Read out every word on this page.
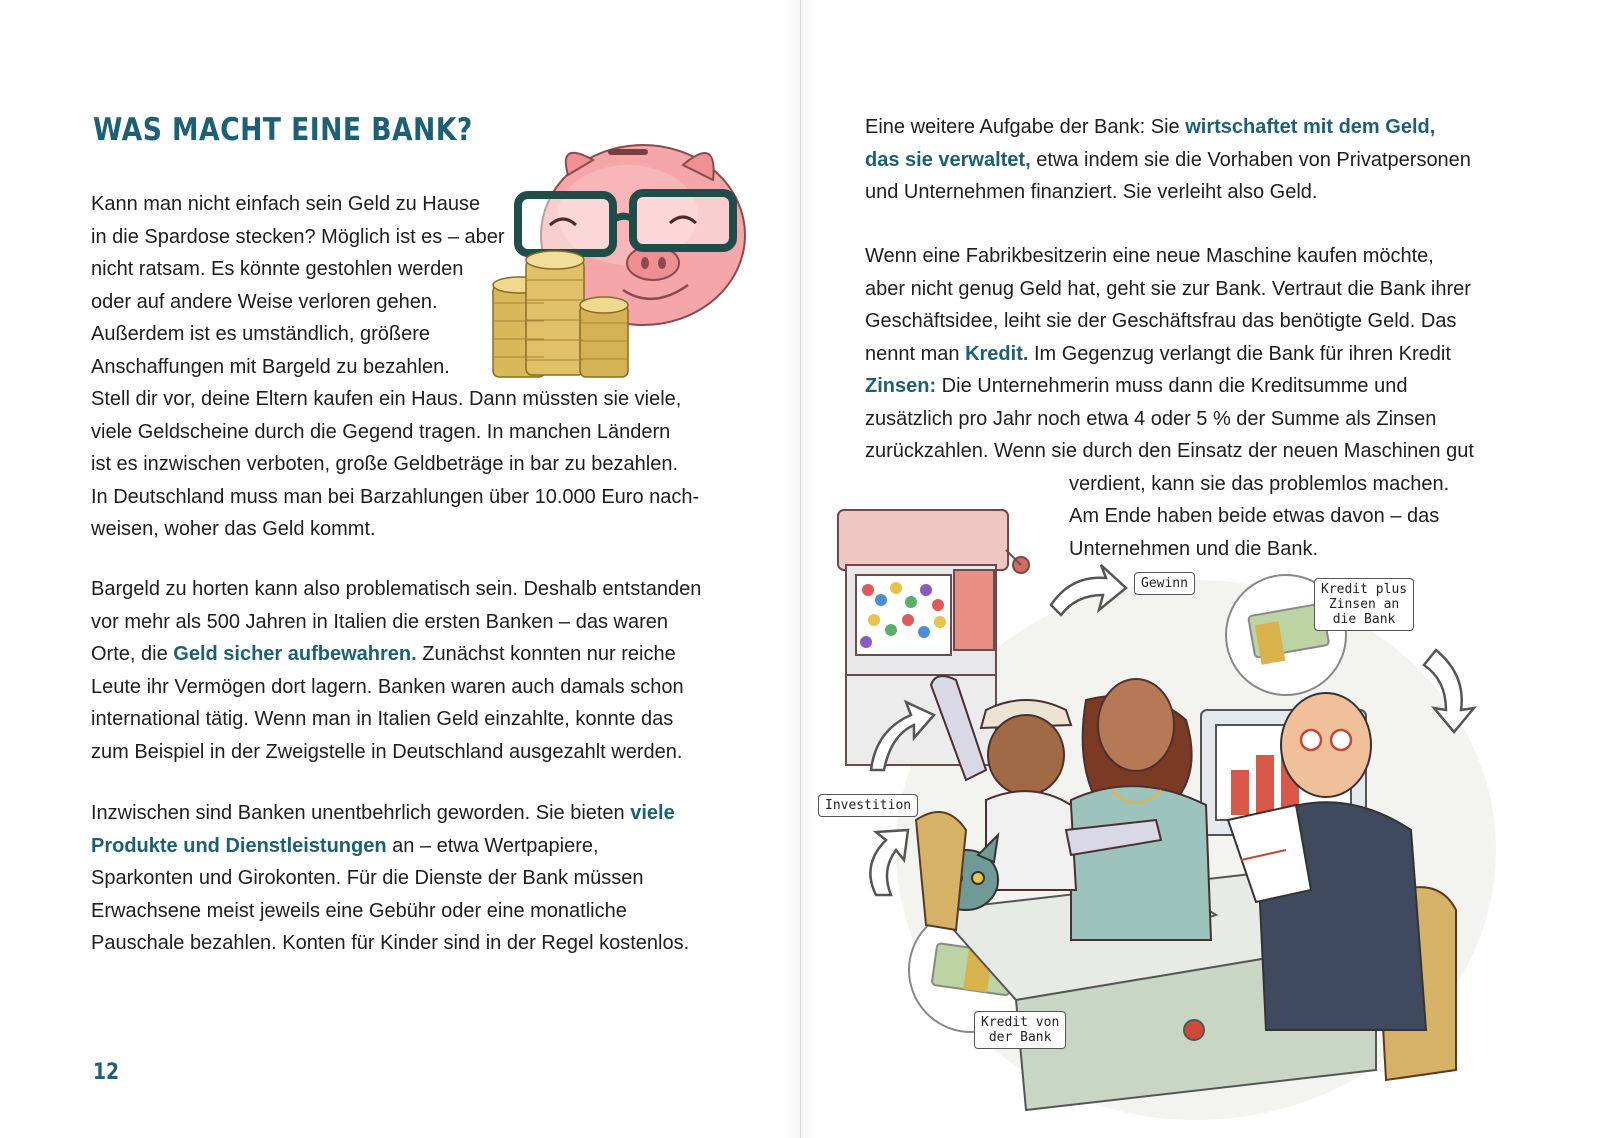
WAS MACHT EINE BANK?

Kann man nicht einfach sein Geld zu Hause
in die Spardose stecken? Möglich ist es – aber
nicht ratsam. Es könnte gestohlen werden
oder auf andere Weise verloren gehen.
Außerdem ist es umständlich, größere
Anschaffungen mit Bargeld zu bezahlen.
Stell dir vor, deine Eltern kaufen ein Haus. Dann müssten sie viele,
viele Geldscheine durch die Gegend tragen. In manchen Ländern
ist es inzwischen verboten, große Geldbeträge in bar zu bezahlen.
In Deutschland muss man bei Barzahlungen über 10.000 Euro nach-
weisen, woher das Geld kommt.

Bargeld zu horten kann also problematisch sein. Deshalb entstanden
vor mehr als 500 Jahren in Italien die ersten Banken – das waren
Orte, die Geld sicher aufbewahren. Zunächst konnten nur reiche
Leute ihr Vermögen dort lagern. Banken waren auch damals schon
international tätig. Wenn man in Italien Geld einzahlte, konnte das
zum Beispiel in der Zweigstelle in Deutschland ausgezahlt werden.

Inzwischen sind Banken unentbehrlich geworden. Sie bieten viele
Produkte und Dienstleistungen an – etwa Wertpapiere,
Sparkonten und Girokonten. Für die Dienste der Bank müssen
Erwachsene meist jeweils eine Gebühr oder eine monatliche
Pauschale bezahlen. Konten für Kinder sind in der Regel kostenlos.

12

Eine weitere Aufgabe der Bank: Sie wirtschaftet mit dem Geld,
das sie verwaltet, etwa indem sie die Vorhaben von Privatpersonen
und Unternehmen finanziert. Sie verleiht also Geld.

Wenn eine Fabrikbesitzerin eine neue Maschine kaufen möchte,
aber nicht genug Geld hat, geht sie zur Bank. Vertraut die Bank ihrer
Geschäftsidee, leiht sie der Geschäftsfrau das benötigte Geld. Das
nennt man Kredit. Im Gegenzug verlangt die Bank für ihren Kredit
Zinsen: Die Unternehmerin muss dann die Kreditsumme und
zusätzlich pro Jahr noch etwa 4 oder 5 % der Summe als Zinsen
zurückzahlen. Wenn sie durch den Einsatz der neuen Maschinen gut
verdient, kann sie das problemlos machen.
Am Ende haben beide etwas davon – das
Unternehmen und die Bank.

Gewinn	Kredit plus
Zinsen an
die Bank
Investition
Kredit von
der Bank
